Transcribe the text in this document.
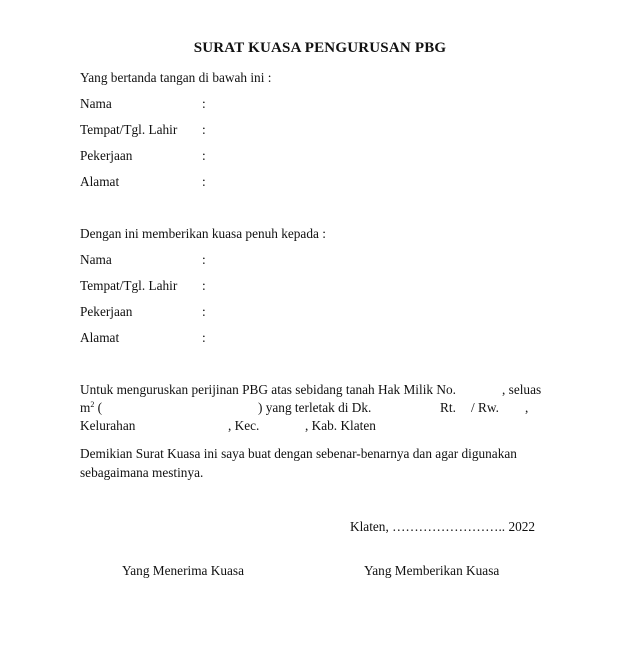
SURAT KUASA PENGURUSAN PBG
Yang bertanda tangan di bawah ini :
Nama	:
Tempat/Tgl. Lahir :
Pekerjaan	:
Alamat	:
Dengan ini memberikan kuasa penuh kepada :
Nama	:
Tempat/Tgl. Lahir :
Pekerjaan	:
Alamat	:
Untuk menguruskan perijinan PBG atas sebidang tanah Hak Milik No.	, seluas
$m^2$ (	) yang terletak di Dk.	Rt. / Rw. ,
Kelurahan	, Kec.	, Kab. Klaten
Demikian Surat Kuasa ini saya buat dengan sebenar-benarnya dan agar digunakan
sebagaimana mestinya.
Klaten, …………………….. 2022
Yang Menerima Kuasa	Yang Memberikan Kuasa
